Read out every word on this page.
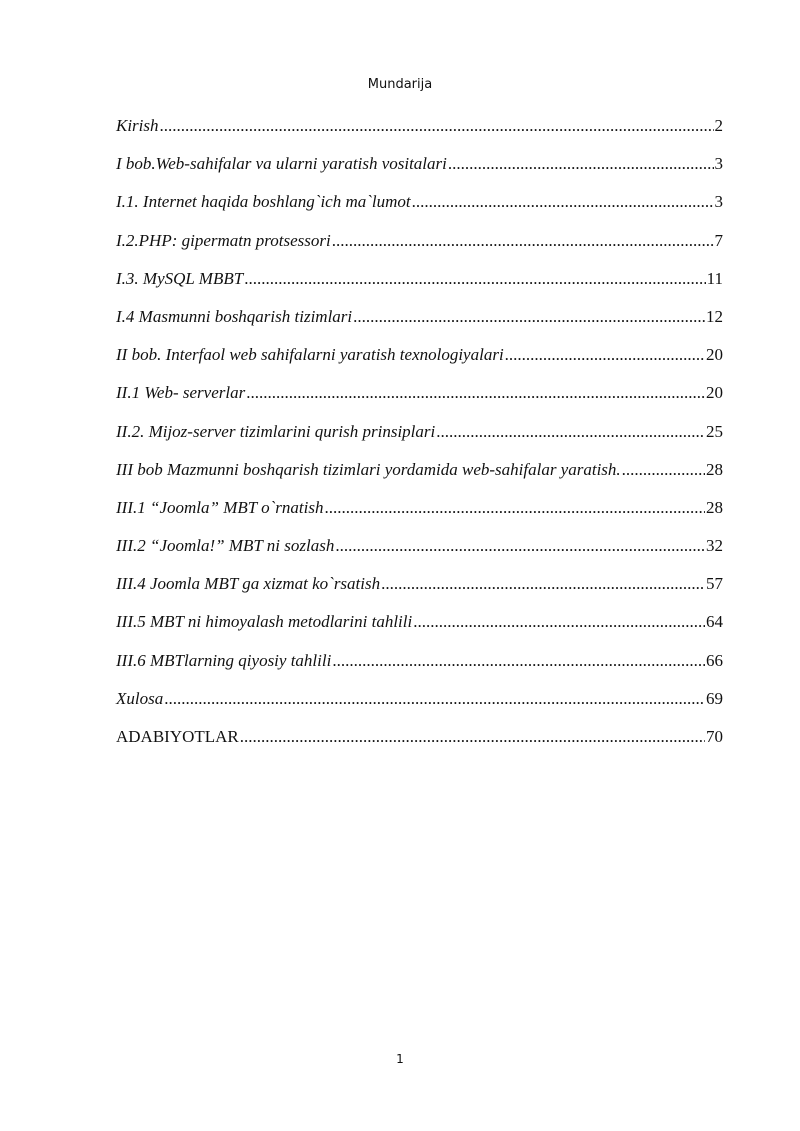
Mundarija
Kirish .....	2
I bob.Web-sahifalar va ularni yaratish vositalari .....	3
I.1. Internet haqida boshlang`ich ma`lumot .....	3
I.2.PHP: gipermatn protsessori .....	7
I.3. MySQL MBBT .....	11
I.4 Masmunni boshqarish tizimlari .....	12
II bob. Interfaol web sahifalarni yaratish texnologiyalari .....	20
II.1 Web- serverlar .....	20
II.2. Mijoz-server tizimlarini qurish prinsiplari .....	25
III bob Mazmunni boshqarish tizimlari yordamida web-sahifalar yaratish. .....	28
III.1 “Joomla” MBT o`rnatish .....	28
III.2 “Joomla!” MBT ni sozlash .....	32
III.4 Joomla MBT ga xizmat ko`rsatish .....	57
III.5 MBT ni himoyalash metodlarini tahlili .....	64
III.6 MBTlarning qiyosiy tahlili .....	66
Xulosa .....	69
ADABIYOTLAR .....	70
1
